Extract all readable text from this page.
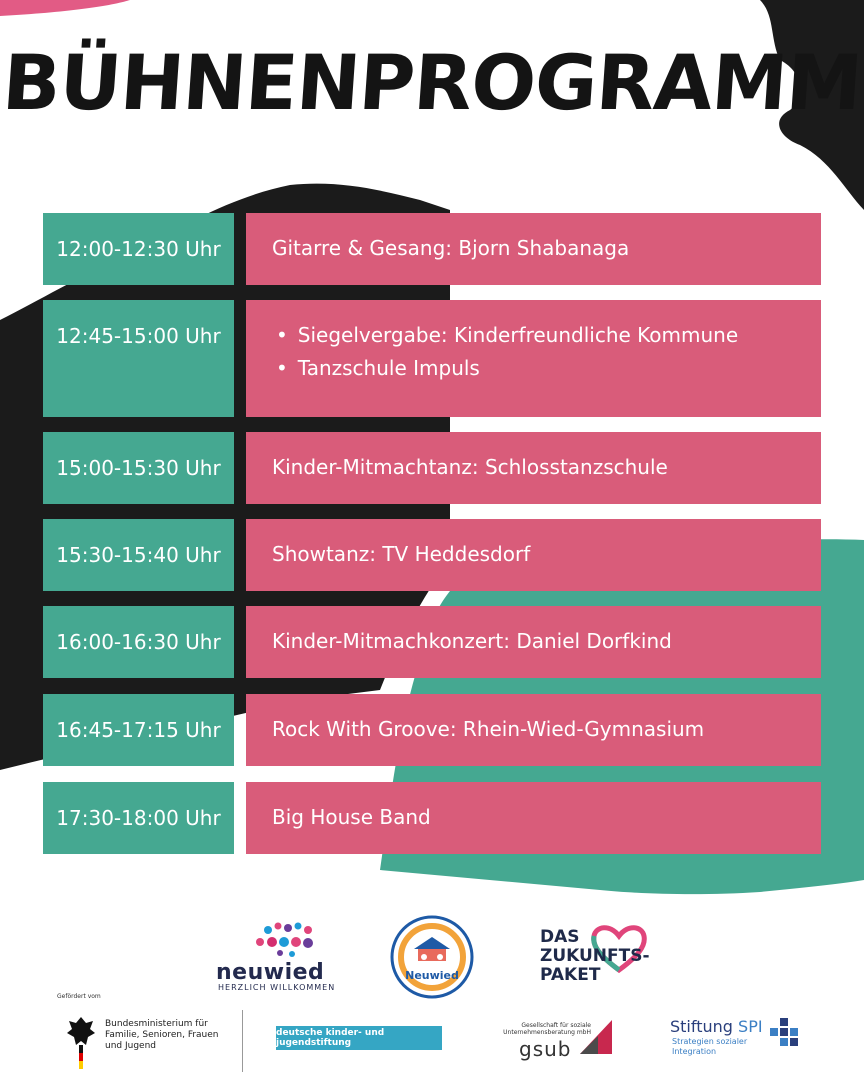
BÜHNENPROGRAMM
12:00-12:30 Uhr	Gitarre & Gesang: Bjorn Shabanaga
12:45-15:00 Uhr
•	Siegelvergabe: Kinderfreundliche Kommune
• Tanzschule Impuls
15:00-15:30 Uhr	Kinder-Mitmachtanz: Schlosstanzschule
15:30-15:40 Uhr	Showtanz: TV Heddesdorf
16:00-16:30 Uhr	Kinder-Mitmachkonzert: Daniel Dorfkind
16:45-17:15 Uhr	Rock With Groove: Rhein-Wied-Gymnasium
17:30-18:00 Uhr	Big House Band
neuwied
HERZLICH WILLKOMMEN
Neuwied
DAS
ZUKUNFTS-
PAKET
Gefördert vom
Bundesministerium für Familie, Senioren, Frauen und Jugend
deutsche kinder- und jugendstiftung
Gesellschaft für soziale Unternehmensberatung mbH
gsub
Stiftung SPI
Strategien sozialer
Integration
